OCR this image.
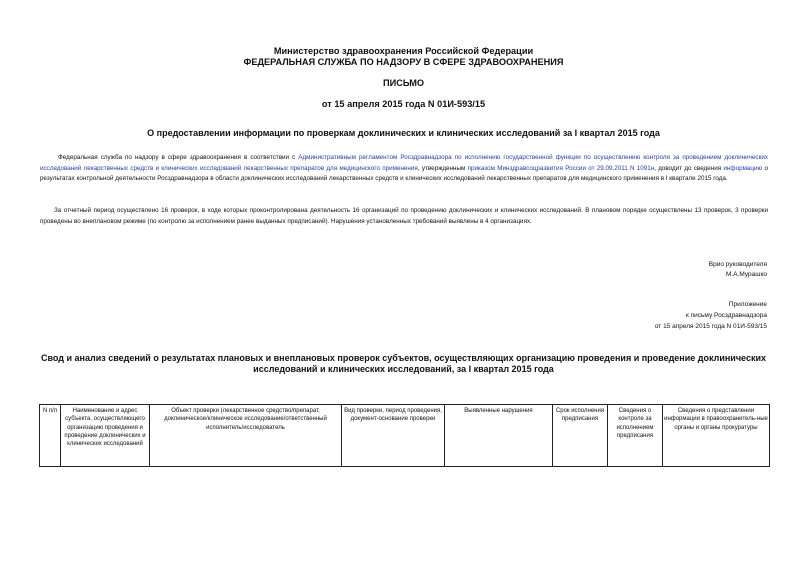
Министерство здравоохранения Российской Федерации
ФЕДЕРАЛЬНАЯ СЛУЖБА ПО НАДЗОРУ В СФЕРЕ ЗДРАВООХРАНЕНИЯ
ПИСЬМО
от 15 апреля 2015 года N 01И-593/15
О предоставлении информации по проверкам доклинических и клинических исследований за I квартал 2015 года
Федеральная служба по надзору в сфере здравоохранения в соответствии с Административным регламентом Росздравнадзора по исполнению государственной функции по осуществлению контроля за проведением доклинических исследований лекарственных средств и клинических исследований лекарственных препаратов для медицинского применения, утвержденным приказом Минздравсоцразвития России от 29.09.2011 N 1091н, доводит до сведения информацию о результатах контрольной деятельности Росздравнадзора в области доклинических исследований лекарственных средств и клинических исследований лекарственных препаратов для медицинского применения в I квартале 2015 года.
За отчетный период осуществлено 16 проверок, в ходе которых проконтролирована деятельность 16 организаций по проведению доклинических и клинических исследований. В плановом порядке осуществлены 13 проверок, 3 проверки проведены во внеплановом режиме (по контролю за исполнением ранее выданных предписаний). Нарушения установленных требований выявлены в 4 организациях.
Врио руководителя
М.А.Мурашко
Приложение
к письму Росздравнадзора
от 15 апреля 2015 года N 01И-593/15
Свод и анализ сведений о результатах плановых и внеплановых проверок субъектов, осуществляющих организацию проведения и проведение доклинических исследований и клинических исследований, за I квартал 2015 года
N п/п	Наименование и адрес субъекта, осуществляющего организацию проведения и проведение доклинических и клинических исследований	Объект проверки (лекарственное средство/препарат, доклиническое/клиническое исследование/ответственный исполнитель/исследователь	Вид проверки, период проведения, документ-основание проверки	Выявленные нарушения	Срок исполнения предписания	Сведения о контроле за исполнением предписания	Сведения о представлении информации в правоохранитель-ные органы и органы прокуратуры
